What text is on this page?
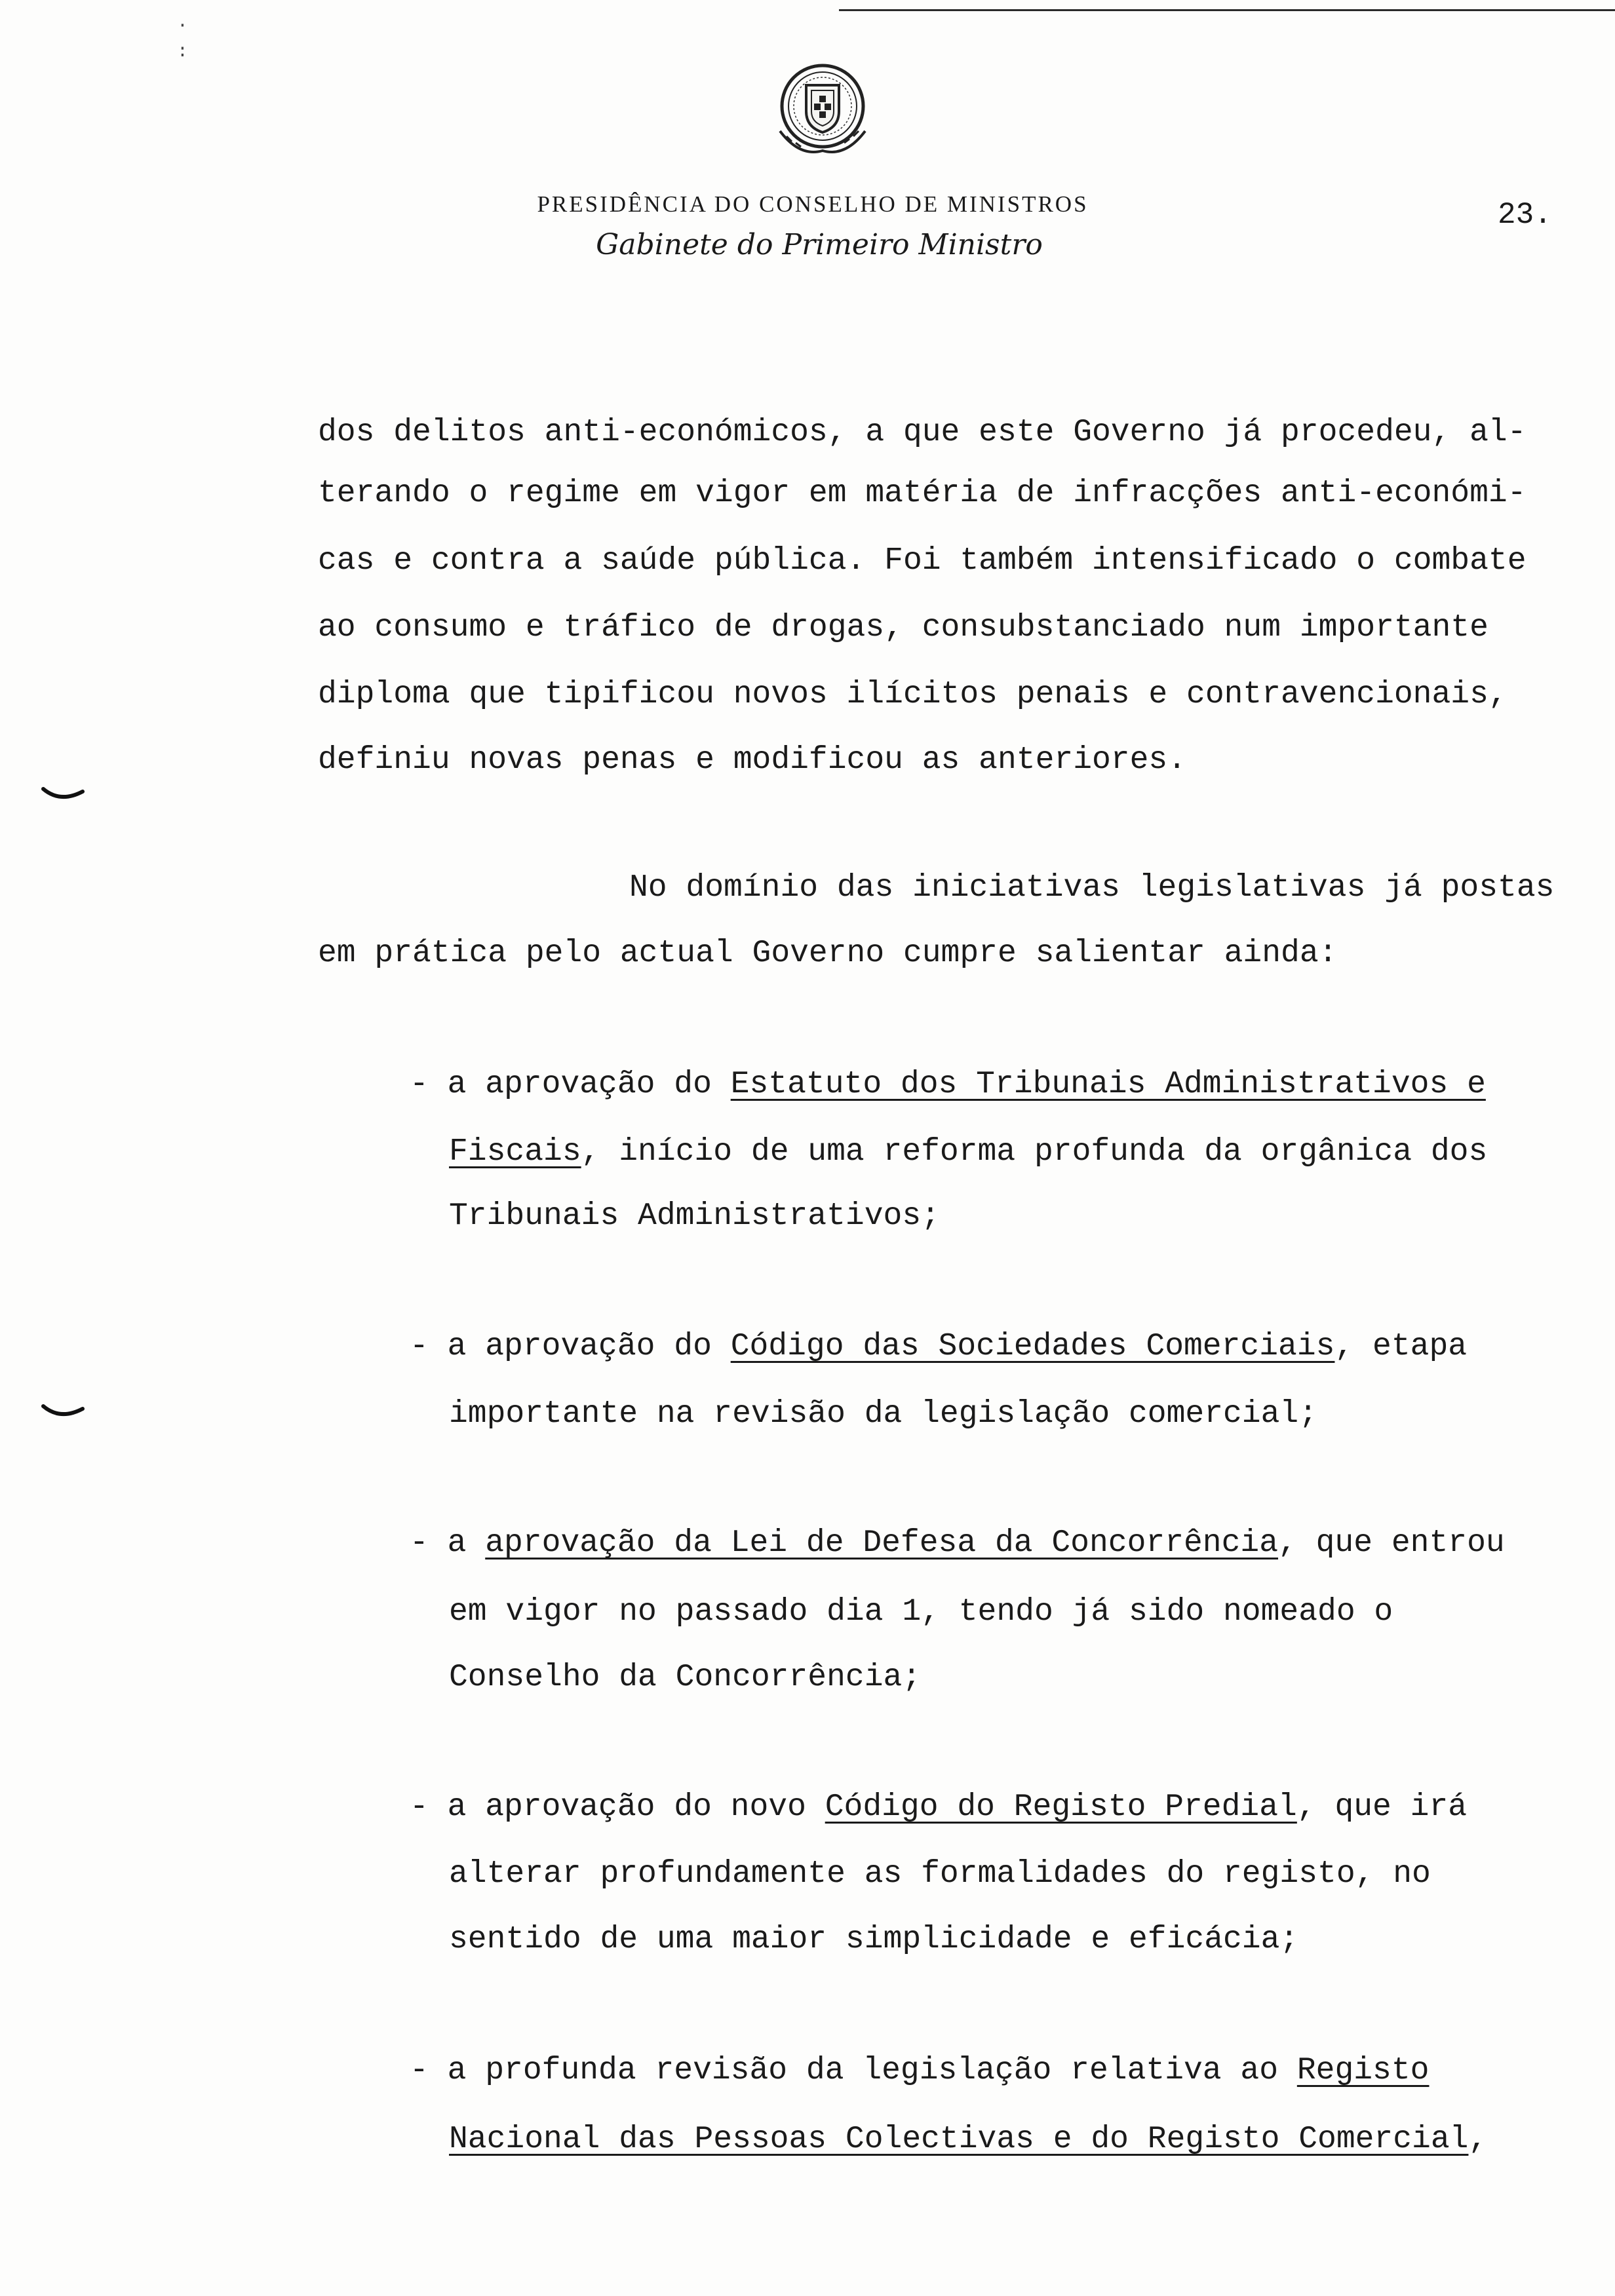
·
:
PRESIDÊNCIA DO CONSELHO DE MINISTROS
Gabinete do Primeiro Ministro
23.
dos delitos anti-económicos, a que este Governo já procedeu, al-
terando o regime em vigor em matéria de infracções anti-económi-
cas e contra a saúde pública. Foi também intensificado o combate
ao consumo e tráfico de drogas, consubstanciado num importante
diploma que tipificou novos ilícitos penais e contravencionais,
definiu novas penas e modificou as anteriores.
No domínio das iniciativas legislativas já postas
em prática pelo actual Governo cumpre salientar ainda:
- a aprovação do Estatuto dos Tribunais Administrativos e
Fiscais, início de uma reforma profunda da orgânica dos
Tribunais Administrativos;
- a aprovação do Código das Sociedades Comerciais, etapa
importante na revisão da legislação comercial;
- a aprovação da Lei de Defesa da Concorrência, que entrou
em vigor no passado dia 1, tendo já sido nomeado o
Conselho da Concorrência;
- a aprovação do novo Código do Registo Predial, que irá
alterar profundamente as formalidades do registo, no
sentido de uma maior simplicidade e eficácia;
- a profunda revisão da legislação relativa ao Registo
Nacional das Pessoas Colectivas e do Registo Comercial,
